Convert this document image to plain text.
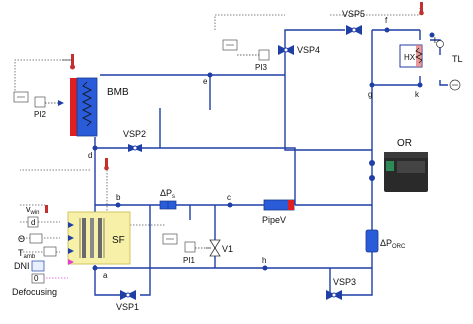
BMB
PI2
d
VSP2
e
PI3
VSP4
VSP5
f
HX	TL
g	k
l
OR
$\Delta P_{ORC}$
VSP3
h
PipeV
c
$\Delta P_s$
b
V1
PI1
SF
a
VSP1
$v_{win}$
d
Θ
$T_{amb}$
DNI
0
Defocusing
